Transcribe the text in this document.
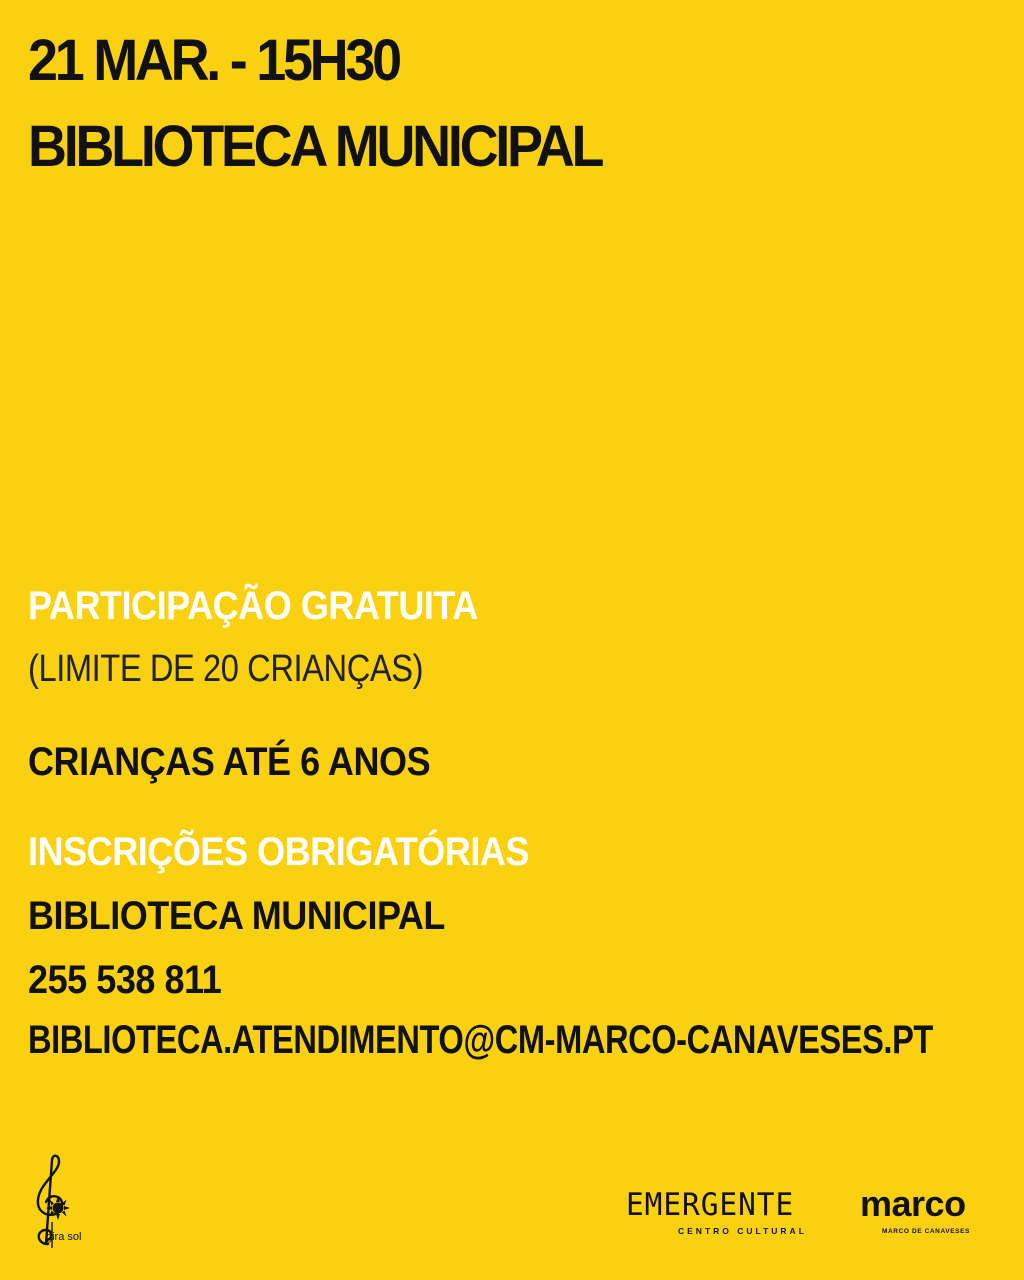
21 MAR. - 15H30
BIBLIOTECA MUNICIPAL
PARTICIPAÇÃO GRATUITA
(LIMITE DE 20 CRIANÇAS)
CRIANÇAS ATÉ 6 ANOS
INSCRIÇÕES OBRIGATÓRIAS
BIBLIOTECA MUNICIPAL
255 538 811
BIBLIOTECA.ATENDIMENTO@CM-MARCO-CANAVESES.PT
gira sol
EMERGENTE
CENTRO CULTURAL
marco
MARCO DE CANAVESES
